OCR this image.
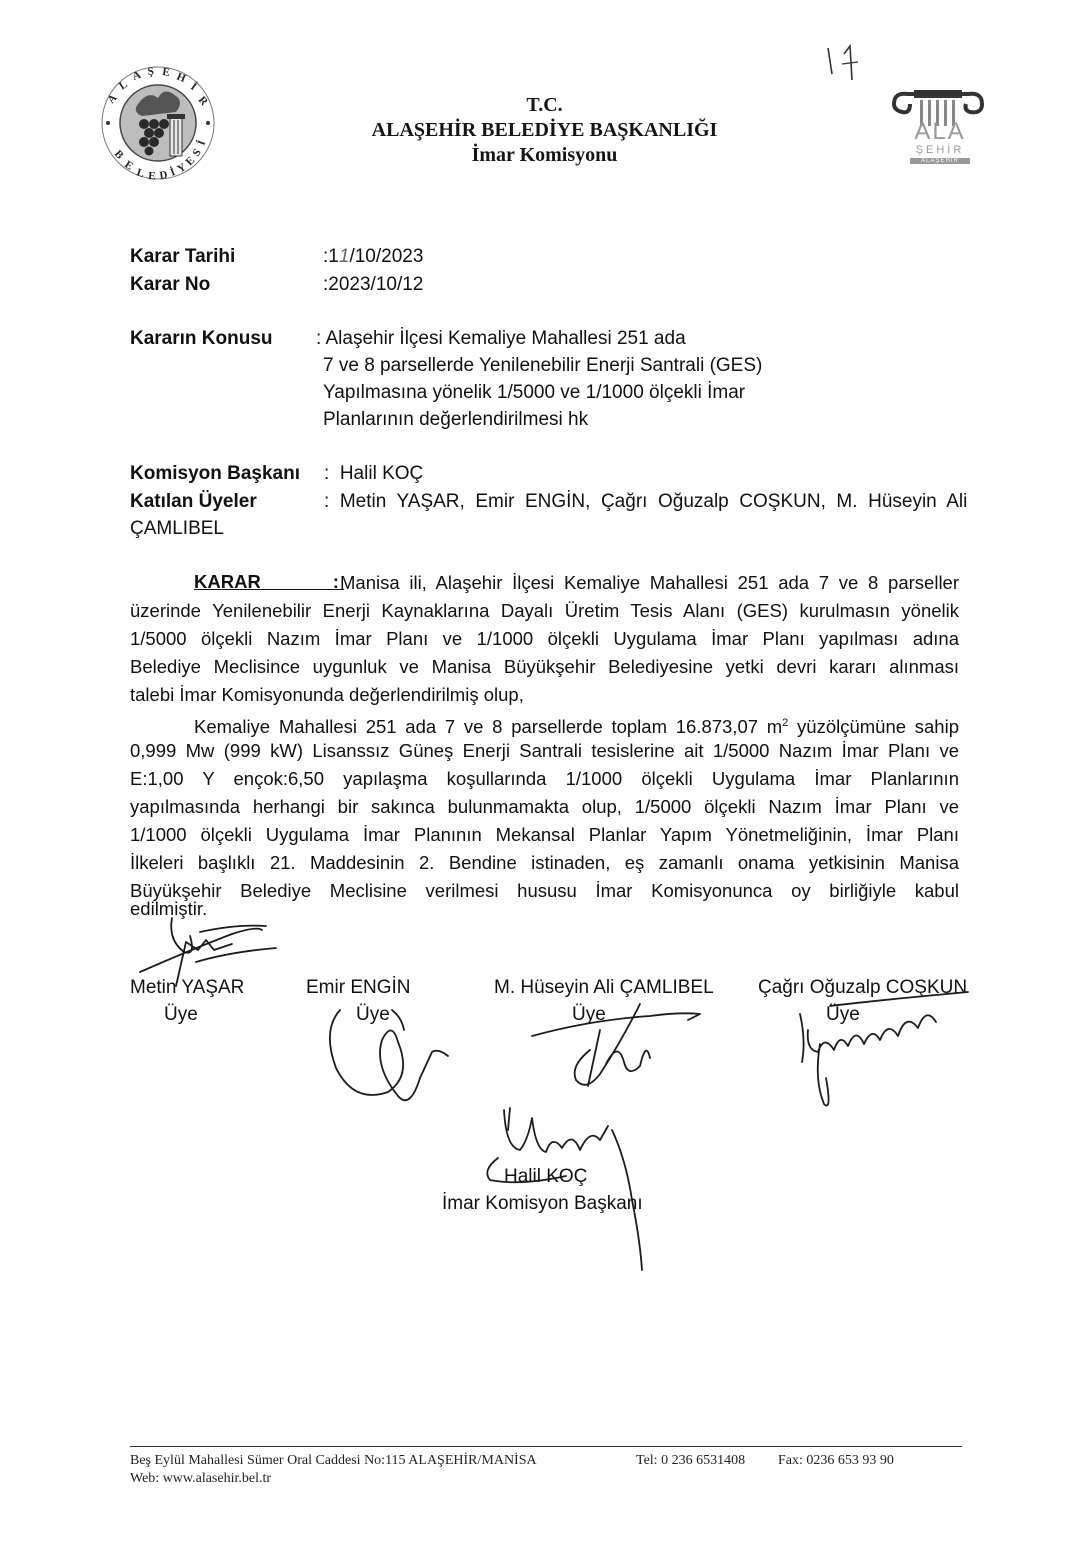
A
L
A Ş E H
İ
R
B
E
L E D İ
Y
E
S
İ	ALA
ŞEHİR
ALAŞEHİR
T.C.
ALAŞEHİR BELEDİYE BAŞKANLIĞI
İmar Komisyonu
Karar Tarihi	:11/10/2023
Karar No	:2023/10/12
Kararın Konusu : Alaşehir İlçesi Kemaliye Mahallesi 251 ada
7 ve 8 parsellerde Yenilenebilir Enerji Santrali (GES)
Yapılmasına yönelik 1/5000 ve 1/1000 ölçekli İmar
Planlarının değerlendirilmesi hk
Komisyon Başkanı :  Halil KOÇ
Katılan Üyeler	:  Metin  YAŞAR,  Emir  ENGİN,  Çağrı  Oğuzalp  COŞKUN,  M.  Hüseyin  Ali
ÇAMLIBEL
KARAR	: Manisa ili, Alaşehir İlçesi Kemaliye Mahallesi 251 ada 7 ve 8 parseller
üzerinde Yenilenebilir Enerji Kaynaklarına Dayalı Üretim Tesis Alanı (GES) kurulmasın yönelik
1/5000 ölçekli Nazım İmar Planı ve 1/1000 ölçekli Uygulama İmar Planı yapılması adına
Belediye Meclisince uygunluk ve Manisa Büyükşehir Belediyesine yetki devri kararı alınması
talebi İmar Komisyonunda değerlendirilmiş olup,
Kemaliye Mahallesi 251 ada 7 ve 8 parsellerde toplam 16.873,07 $m^2$ yüzölçümüne sahip
0,999 Mw (999 kW) Lisanssız Güneş Enerji Santrali tesislerine ait 1/5000 Nazım İmar Planı ve
E:1,00 Y ençok:6,50 yapılaşma koşullarında 1/1000 ölçekli Uygulama İmar Planlarının
yapılmasında herhangi bir sakınca bulunmamakta olup, 1/5000 ölçekli Nazım İmar Planı ve
1/1000 ölçekli Uygulama İmar Planının Mekansal Planlar Yapım Yönetmeliğinin, İmar Planı
İlkeleri başlıklı 21. Maddesinin 2. Bendine istinaden, eş zamanlı onama yetkisinin Manisa
Büyükşehir Belediye Meclisine verilmesi hususu İmar Komisyonunca oy birliğiyle kabul
edilmiştir.
Metin YAŞAR
Üye
Emir ENGİN
Üye
M. Hüseyin Ali ÇAMLIBEL
Üye
Çağrı Oğuzalp COŞKUN
Üye
Halil KOÇ
İmar Komisyon Başkanı
Beş Eylül Mahallesi Sümer Oral Caddesi No:115 ALAŞEHİR/MANİSA	Tel: 0 236 6531408 Fax: 0236 653 93 90
Web: www.alasehir.bel.tr
